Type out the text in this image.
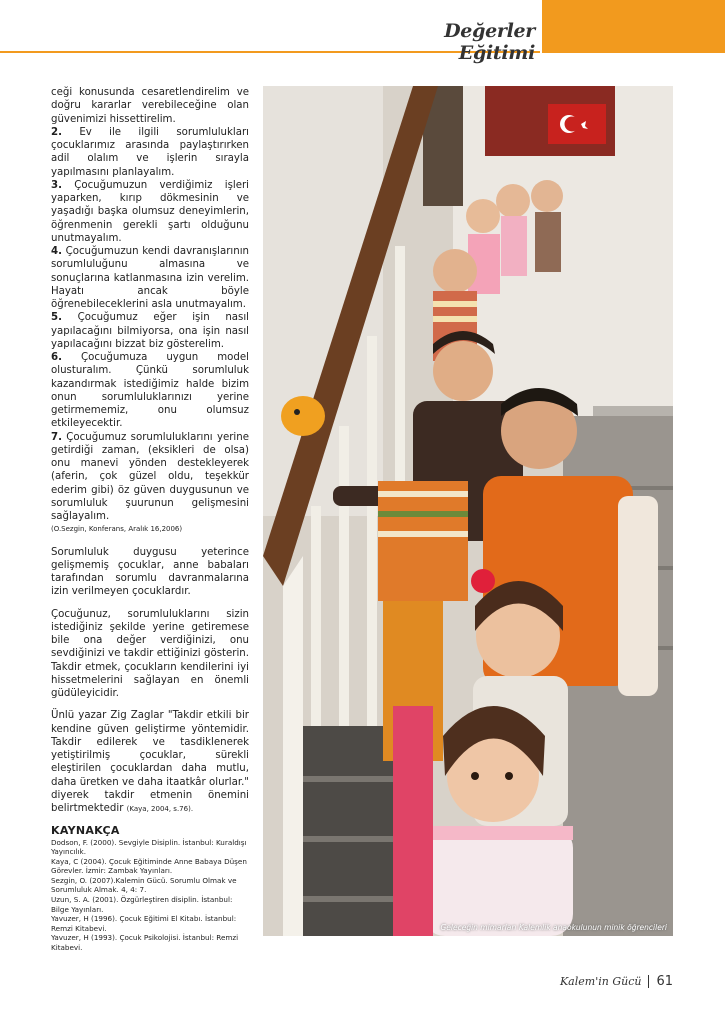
Değerler Eğitimi

ceği konusunda cesaretlendirelim ve doğru kararlar verebileceğine olan güvenimizi hissettirelim.

2. Ev ile ilgili sorumlulukları çocuklarımız arasında paylaştırırken adil olalım ve işlerin sırayla yapılmasını planlayalım.

3. Çocuğumuzun verdiğimiz işleri yaparken, kırıp dökmesinin ve yaşadığı başka olumsuz deneyimlerin, öğrenmenin gerekli şartı olduğunu unutmayalım.

4. Çocuğumuzun kendi davranışlarının sorumluluğunu almasına ve sonuçlarına katlanmasına izin verelim. Hayatı ancak böyle öğrenebileceklerini asla unutmayalım.

5. Çocuğumuz eğer işin nasıl yapılacağını bilmiyorsa, ona işin nasıl yapılacağını bizzat biz gösterelim.

6. Çocuğumuza uygun model olusturalım. Çünkü sorumluluk kazandırmak istediğimiz halde bizim onun sorumluluklarınızı yerine getirmememiz, onu olumsuz etkileyecektir.

7. Çocuğumuz sorumluluklarını yerine getirdiği zaman, (eksikleri de olsa) onu manevi yönden destekleyerek (aferin, çok güzel oldu, teşekkür ederim gibi) öz güven duygusunun ve sorumluluk şuurunun gelişmesini sağlayalım.

(O.Sezgin, Konferans, Aralık 16,2006)

Sorumluluk duygusu yeterince gelişmemiş çocuklar, anne babaları tarafından sorumlu davranmalarına izin verilmeyen çocuklardır.

Çocuğunuz, sorumluluklarını sizin istediğiniz şekilde yerine getiremese bile ona değer verdiğinizi, onu sevdiğinizi ve takdir ettiğinizi gösterin. Takdir etmek, çocukların kendilerini iyi hissetmelerini sağlayan en önemli güdüleyicidir.

Ünlü yazar Zig Zaglar "Takdir etkili bir kendine güven geliştirme yöntemidir. Takdir edilerek ve tasdiklenerek yetiştirilmiş çocuklar, sürekli eleştirilen çocuklardan daha mutlu, daha üretken ve daha itaatkâr olurlar." diyerek takdir etmenin önemini belirtmektedir (Kaya, 2004, s.76).

KAYNAKÇA
Dodson, F. (2000). Sevgiyle Disiplin. İstanbul: Kuraldışı Yayıncılık.
Kaya, C (2004). Çocuk Eğitiminde Anne Babaya Düşen Görevler. İzmir: Zambak Yayınları.
Sezgin, O. (2007).Kalemin Gücü. Sorumlu Olmak ve Sorumluluk Almak. 4, 4: 7.
Uzun, S. A. (2001). Özgürleştiren disiplin. İstanbul: Bilge Yayınları.
Yavuzer, H (1996). Çocuk Eğitimi El Kitabı. İstanbul: Remzi Kitabevi.
Yavuzer, H (1993). Çocuk Psikolojisi. İstanbul: Remzi Kitabevi.
Geleceğin mimarları Kalemlik anaokulunun minik öğrencileri
Kalem'in Gücü 61
